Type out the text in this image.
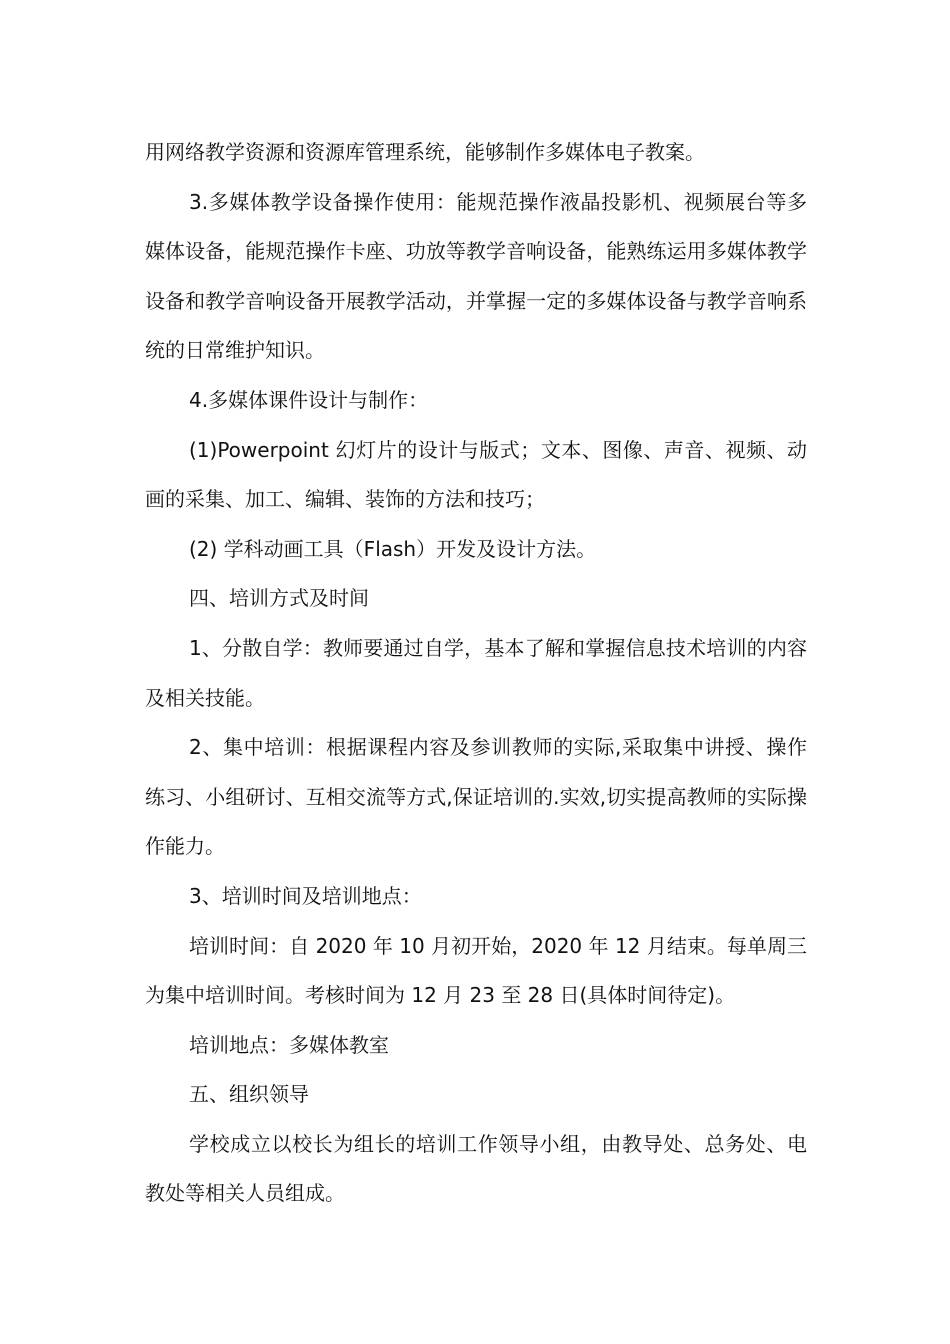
用网络教学资源和资源库管理系统，能够制作多媒体电子教案。

3.多媒体教学设备操作使用：能规范操作液晶投影机、视频展台等多媒体设备，能规范操作卡座、功放等教学音响设备，能熟练运用多媒体教学设备和教学音响设备开展教学活动，并掌握一定的多媒体设备与教学音响系统的日常维护知识。

4.多媒体课件设计与制作：

(1)Powerpoint 幻灯片的设计与版式；文本、图像、声音、视频、动画的采集、加工、编辑、装饰的方法和技巧；

(2) 学科动画工具（Flash）开发及设计方法。

四、培训方式及时间

1、分散自学：教师要通过自学，基本了解和掌握信息技术培训的内容及相关技能。

2、集中培训：根据课程内容及参训教师的实际,采取集中讲授、操作练习、小组研讨、互相交流等方式,保证培训的.实效,切实提高教师的实际操作能力。

3、培训时间及培训地点：

培训时间：自 2020 年 10 月初开始，2020 年 12 月结束。每单周三为集中培训时间。考核时间为 12 月 23 至 28 日(具体时间待定)。

培训地点：多媒体教室

五、组织领导

学校成立以校长为组长的培训工作领导小组，由教导处、总务处、电教处等相关人员组成。
